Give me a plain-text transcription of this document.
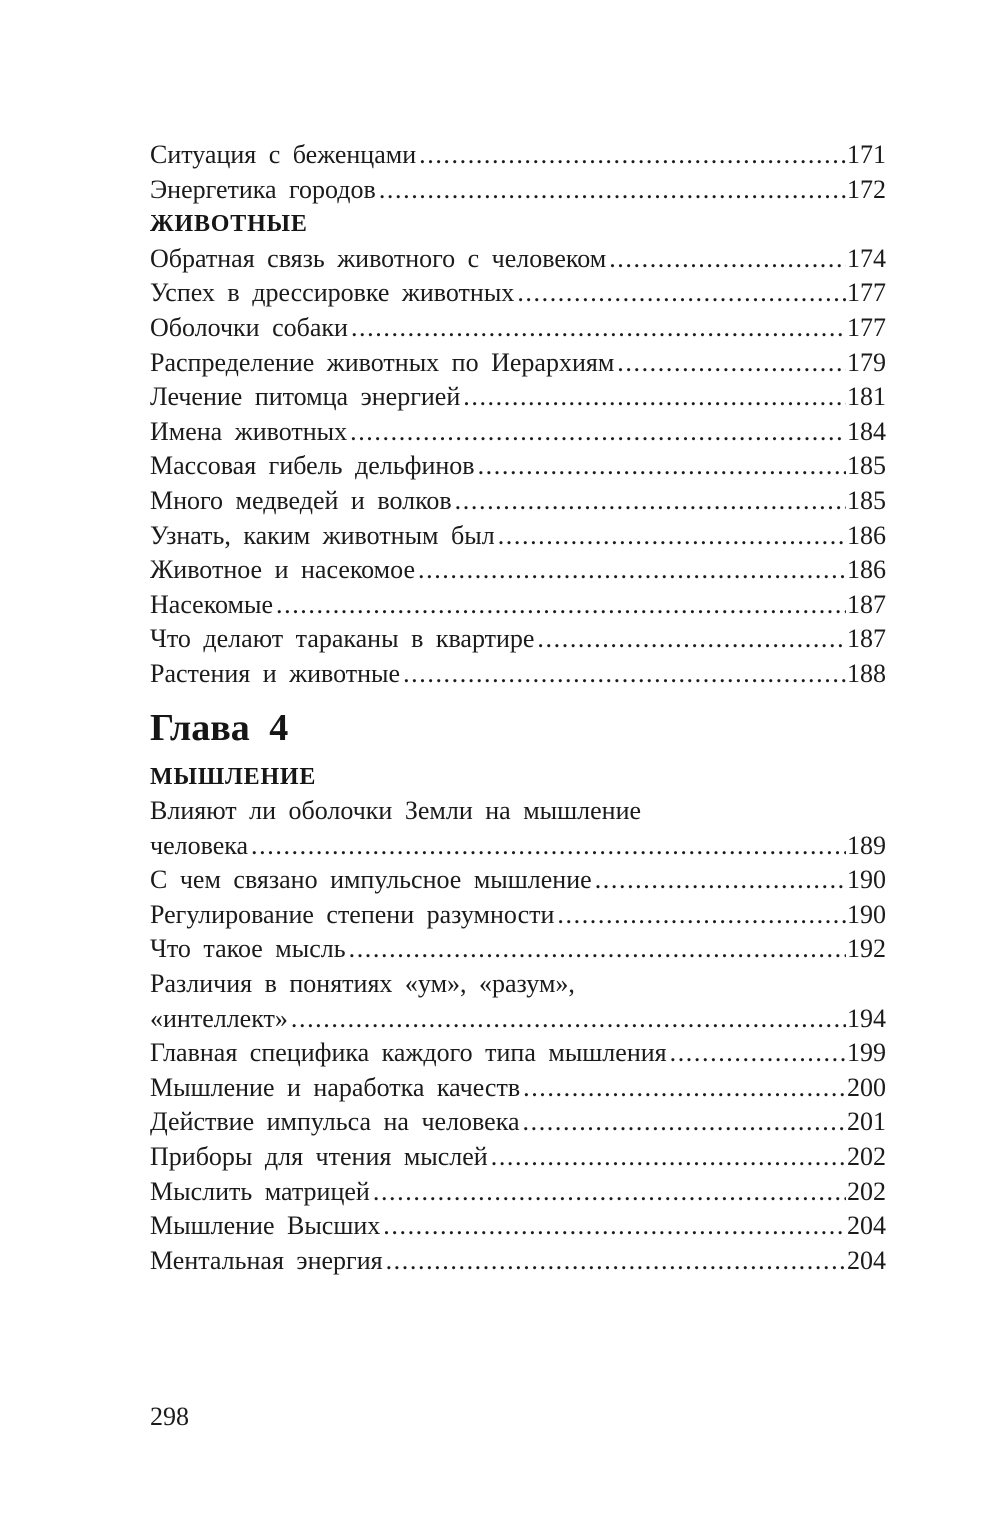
Ситуация с беженцами .....	171
Энергетика городов .....	172
ЖИВОТНЫЕ
Обратная связь животного с человеком .....	174
Успех в дрессировке животных .....	177
Оболочки собаки .....	177
Распределение животных по Иерархиям .....	179
Лечение питомца энергией .....	181
Имена животных .....	184
Массовая гибель дельфинов .....	185
Много медведей и волков .....	185
Узнать, каким животным был .....	186
Животное и насекомое .....	186
Насекомые .....	187
Что делают тараканы в квартире .....	187
Растения и животные .....	188
Глава 4
МЫШЛЕНИЕ
Влияют ли оболочки Земли на мышление
человека .....	189
С чем связано импульсное мышление .....	190
Регулирование степени разумности .....	190
Что такое мысль .....	192
Различия в понятиях «ум», «разум»,
«интеллект» .....	194
Главная специфика каждого типа мышления .....	199
Мышление и наработка качеств .....	200
Действие импульса на человека .....	201
Приборы для чтения мыслей .....	202
Мыслить матрицей .....	202
Мышление Высших .....	204
Ментальная энергия .....	204
298
